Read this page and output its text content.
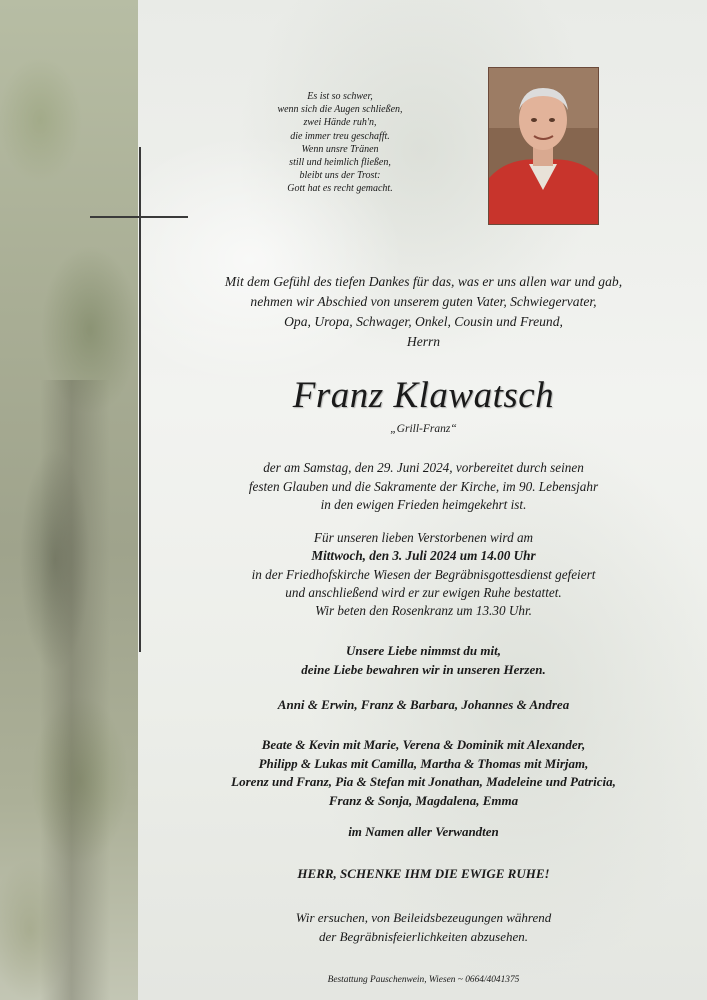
Es ist so schwer,
wenn sich die Augen schließen,
zwei Hände ruh'n,
die immer treu geschafft.
Wenn unsre Tränen
still und heimlich fließen,
bleibt uns der Trost:
Gott hat es recht gemacht.
Mit dem Gefühl des tiefen Dankes für das, was er uns allen war und gab,
nehmen wir Abschied von unserem guten Vater, Schwiegervater,
Opa, Uropa, Schwager, Onkel, Cousin und Freund,
Herrn
Franz Klawatsch
„Grill-Franz“
der am Samstag, den 29. Juni 2024, vorbereitet durch seinen
festen Glauben und die Sakramente der Kirche, im 90. Lebensjahr
in den ewigen Frieden heimgekehrt ist.
Für unseren lieben Verstorbenen wird am
Mittwoch, den 3. Juli 2024 um 14.00 Uhr
in der Friedhofskirche Wiesen der Begräbnisgottesdienst gefeiert
und anschließend wird er zur ewigen Ruhe bestattet.
Wir beten den Rosenkranz um 13.30 Uhr.
Unsere Liebe nimmst du mit,
deine Liebe bewahren wir in unseren Herzen.
Anni & Erwin, Franz & Barbara, Johannes & Andrea
Beate & Kevin mit Marie, Verena & Dominik mit Alexander,
Philipp & Lukas mit Camilla, Martha & Thomas mit Mirjam,
Lorenz und Franz, Pia & Stefan mit Jonathan, Madeleine und Patricia,
Franz & Sonja, Magdalena, Emma
im Namen aller Verwandten
HERR, SCHENKE IHM DIE EWIGE RUHE!
Wir ersuchen, von Beileidsbezeugungen während
der Begräbnisfeierlichkeiten abzusehen.
Bestattung Pauschenwein, Wiesen ~ 0664/4041375
